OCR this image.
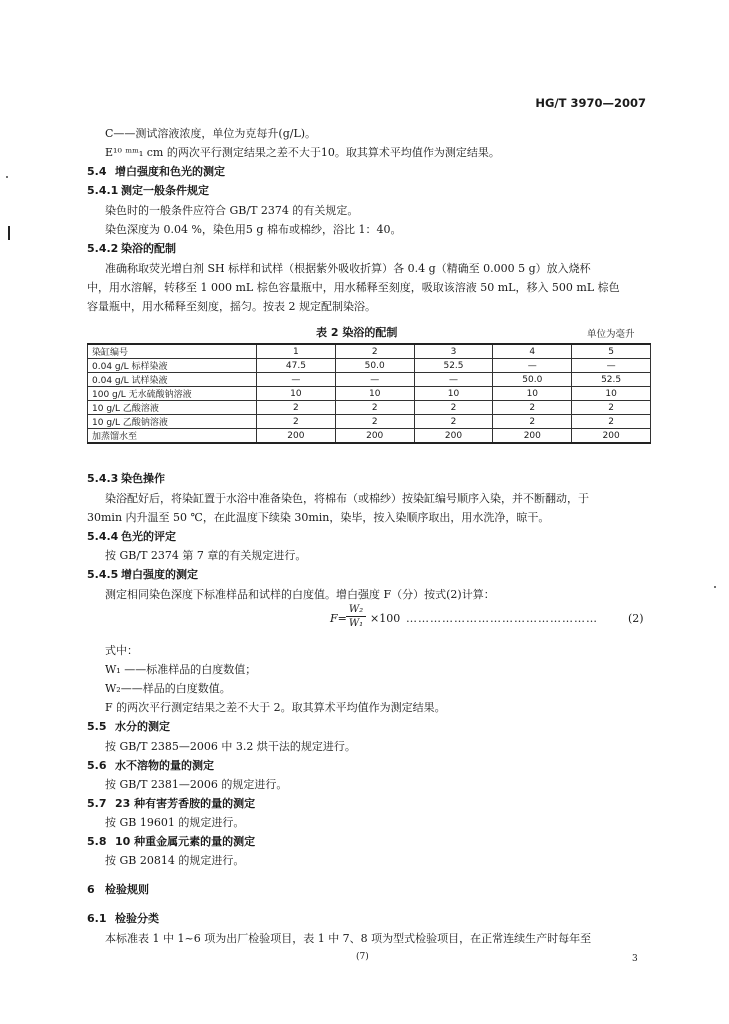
HG/T 3970—2007
C——测试溶液浓度，单位为克每升(g/L)。
E¹⁰ ᵐᵐ₁ cm 的两次平行测定结果之差不大于10。取其算术平均值作为测定结果。
5.4 增白强度和色光的测定
5.4.1 测定一般条件规定
染色时的一般条件应符合 GB/T 2374 的有关规定。
染色深度为 0.04 %，染色用5 g 棉布或棉纱，浴比 1：40。
5.4.2 染浴的配制
准确称取荧光增白剂 SH 标样和试样（根据紫外吸收折算）各 0.4 g（精确至 0.000 5 g）放入烧杯
中，用水溶解，转移至 1 000 mL 棕色容量瓶中，用水稀释至刻度，吸取该溶液 50 mL，移入 500 mL 棕色
容量瓶中，用水稀释至刻度，摇匀。按表 2 规定配制染浴。
表 2 染浴的配制	单位为毫升
染缸编号	1	2	3	4	5
0.04 g/L 标样染液	47.5	50.0	52.5	—	—
0.04 g/L 试样染液	—	—	—	50.0	52.5
100 g/L 无水硫酸钠溶液	10	10	10	10	10
10 g/L 乙酸溶液	2	2	2	2	2
10 g/L 乙酸钠溶液	2	2	2	2	2
加蒸馏水至	200	200	200	200	200
5.4.3 染色操作
染浴配好后，将染缸置于水浴中准备染色，将棉布（或棉纱）按染缸编号顺序入染，并不断翻动，于
30min 内升温至 50 ℃，在此温度下续染 30min，染毕，按入染顺序取出，用水洗净，晾干。
5.4.4 色光的评定
按 GB/T 2374 第 7 章的有关规定进行。
5.4.5 增白强度的测定
测定相同染色深度下标准样品和试样的白度值。增白强度 F（分）按式(2)计算：
F=
W₂
W₁ ×100 …………………………………………	(2)
式中：
W₁ ——标准样品的白度数值；
W₂——样品的白度数值。
F 的两次平行测定结果之差不大于 2。取其算术平均值作为测定结果。
5.5 水分的测定
按 GB/T 2385—2006 中 3.2 烘干法的规定进行。
5.6 水不溶物的量的测定
按 GB/T 2381—2006 的规定进行。
5.7 23 种有害芳香胺的量的测定
按 GB 19601 的规定进行。
5.8 10 种重金属元素的量的测定
按 GB 20814 的规定进行。
6 检验规则
6.1 检验分类
本标准表 1 中 1~6 项为出厂检验项目，表 1 中 7、8 项为型式检验项目，在正常连续生产时每年至
(7)	3
